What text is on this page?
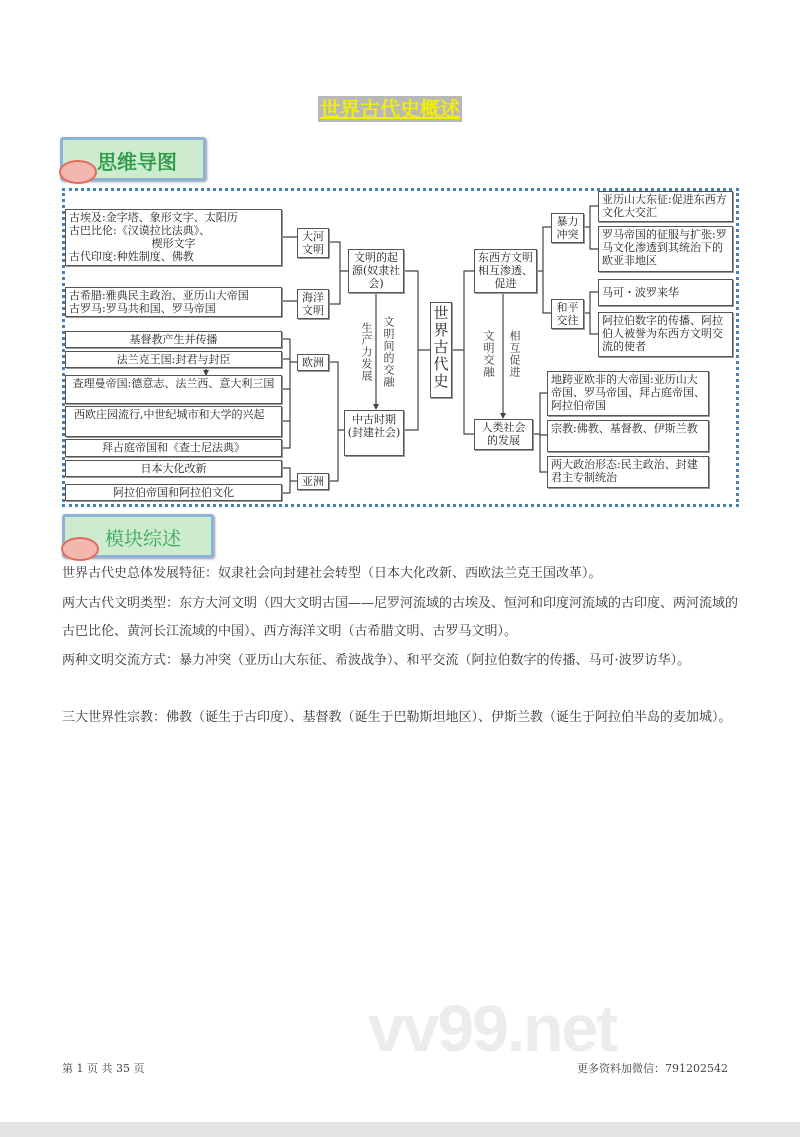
世界古代史概述
思维导图
古埃及:金字塔、象形文字、太阳历
古巴比伦:《汉谟拉比法典》、
楔形文字
古代印度:种姓制度、佛教
古希腊:雅典民主政治、亚历山大帝国
古罗马:罗马共和国、罗马帝国
基督教产生并传播
法兰克王国:封君与封臣
查理曼帝国:德意志、法兰西、意大利三国
西欧庄园流行,中世纪城市和大学的兴起
拜占庭帝国和《查士尼法典》
日本大化改新
阿拉伯帝国和阿拉伯文化
大河文明
海洋文明
欧洲
亚洲
文明的起源(奴隶社会)
中古时期(封建社会)
生产力发展 文明间的交融
世界古代史
东西方文明相互渗透、促进
人类社会的发展
文明交融 相互促进
暴力冲突
和平交往
亚历山大东征:促进东西方文化大交汇
罗马帝国的征服与扩张:罗马文化渗透到其统治下的欧亚非地区
马可・波罗来华
阿拉伯数字的传播、阿拉伯人被誉为东西方文明交流的使者
地跨亚欧非的大帝国:亚历山大帝国、罗马帝国、拜占庭帝国、阿拉伯帝国
宗教:佛教、基督教、伊斯兰教
两大政治形态:民主政治、封建君主专制统治
模块综述
世界古代史总体发展特征：奴隶社会向封建社会转型（日本大化改新、西欧法兰克王国改革）。
两大古代文明类型：东方大河文明（四大文明古国——尼罗河流域的古埃及、恒河和印度河流域的古印度、两河流域的古巴比伦、黄河长江流域的中国）、西方海洋文明（古希腊文明、古罗马文明）。
两种文明交流方式：暴力冲突（亚历山大东征、希波战争）、和平交流（阿拉伯数字的传播、马可·波罗访华）。
三大世界性宗教：佛教（诞生于古印度）、基督教（诞生于巴勒斯坦地区）、伊斯兰教（诞生于阿拉伯半岛的麦加城）。
vv99.net
第 1 页 共 35 页	更多资料加微信：791202542
